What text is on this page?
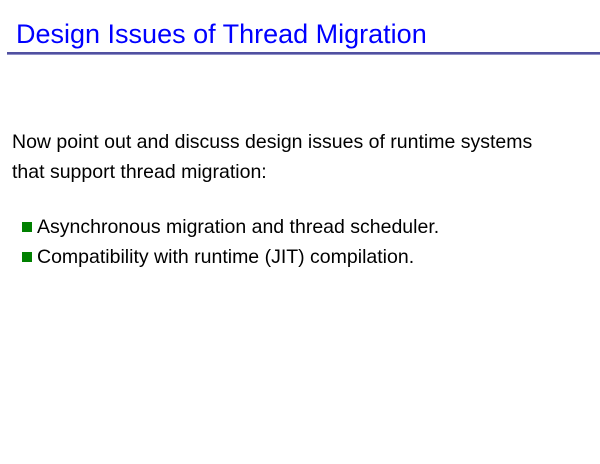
Design Issues of Thread Migration

Now point out and discuss design issues of runtime systems
that support thread migration:

Asynchronous migration and thread scheduler.
Compatibility with runtime (JIT) compilation.
